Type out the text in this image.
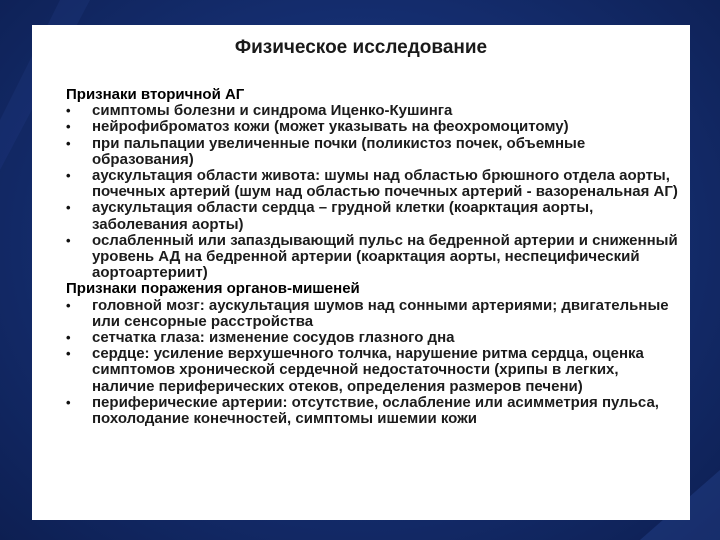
Физическое исследование
Признаки вторичной АГ
•	симптомы болезни и синдрома Иценко-Кушинга
•	нейрофиброматоз кожи (может указывать на феохромоцитому)
•	при пальпации увеличенные почки (поликистоз почек, объемные образования)
•	аускультация области живота: шумы над областью брюшного отдела аорты, почечных артерий (шум над областью почечных артерий - вазоренальная АГ)
•	аускультация области сердца – грудной клетки (коарктация аорты, заболевания аорты)
•	ослабленный или запаздывающий пульс на бедренной артерии и сниженный уровень АД на бедренной артерии (коарктация аорты, неспецифический аортоартериит)
Признаки поражения органов-мишеней
•	головной мозг: аускультация шумов над сонными артериями; двигательные или сенсорные расстройства
•	сетчатка глаза: изменение сосудов глазного дна
•	сердце: усиление верхушечного толчка, нарушение ритма сердца, оценка симптомов хронической сердечной недостаточности (хрипы в легких, наличие периферических отеков, определения размеров печени)
•	периферические артерии: отсутствие, ослабление или асимметрия пульса, похолодание конечностей, симптомы ишемии кожи
